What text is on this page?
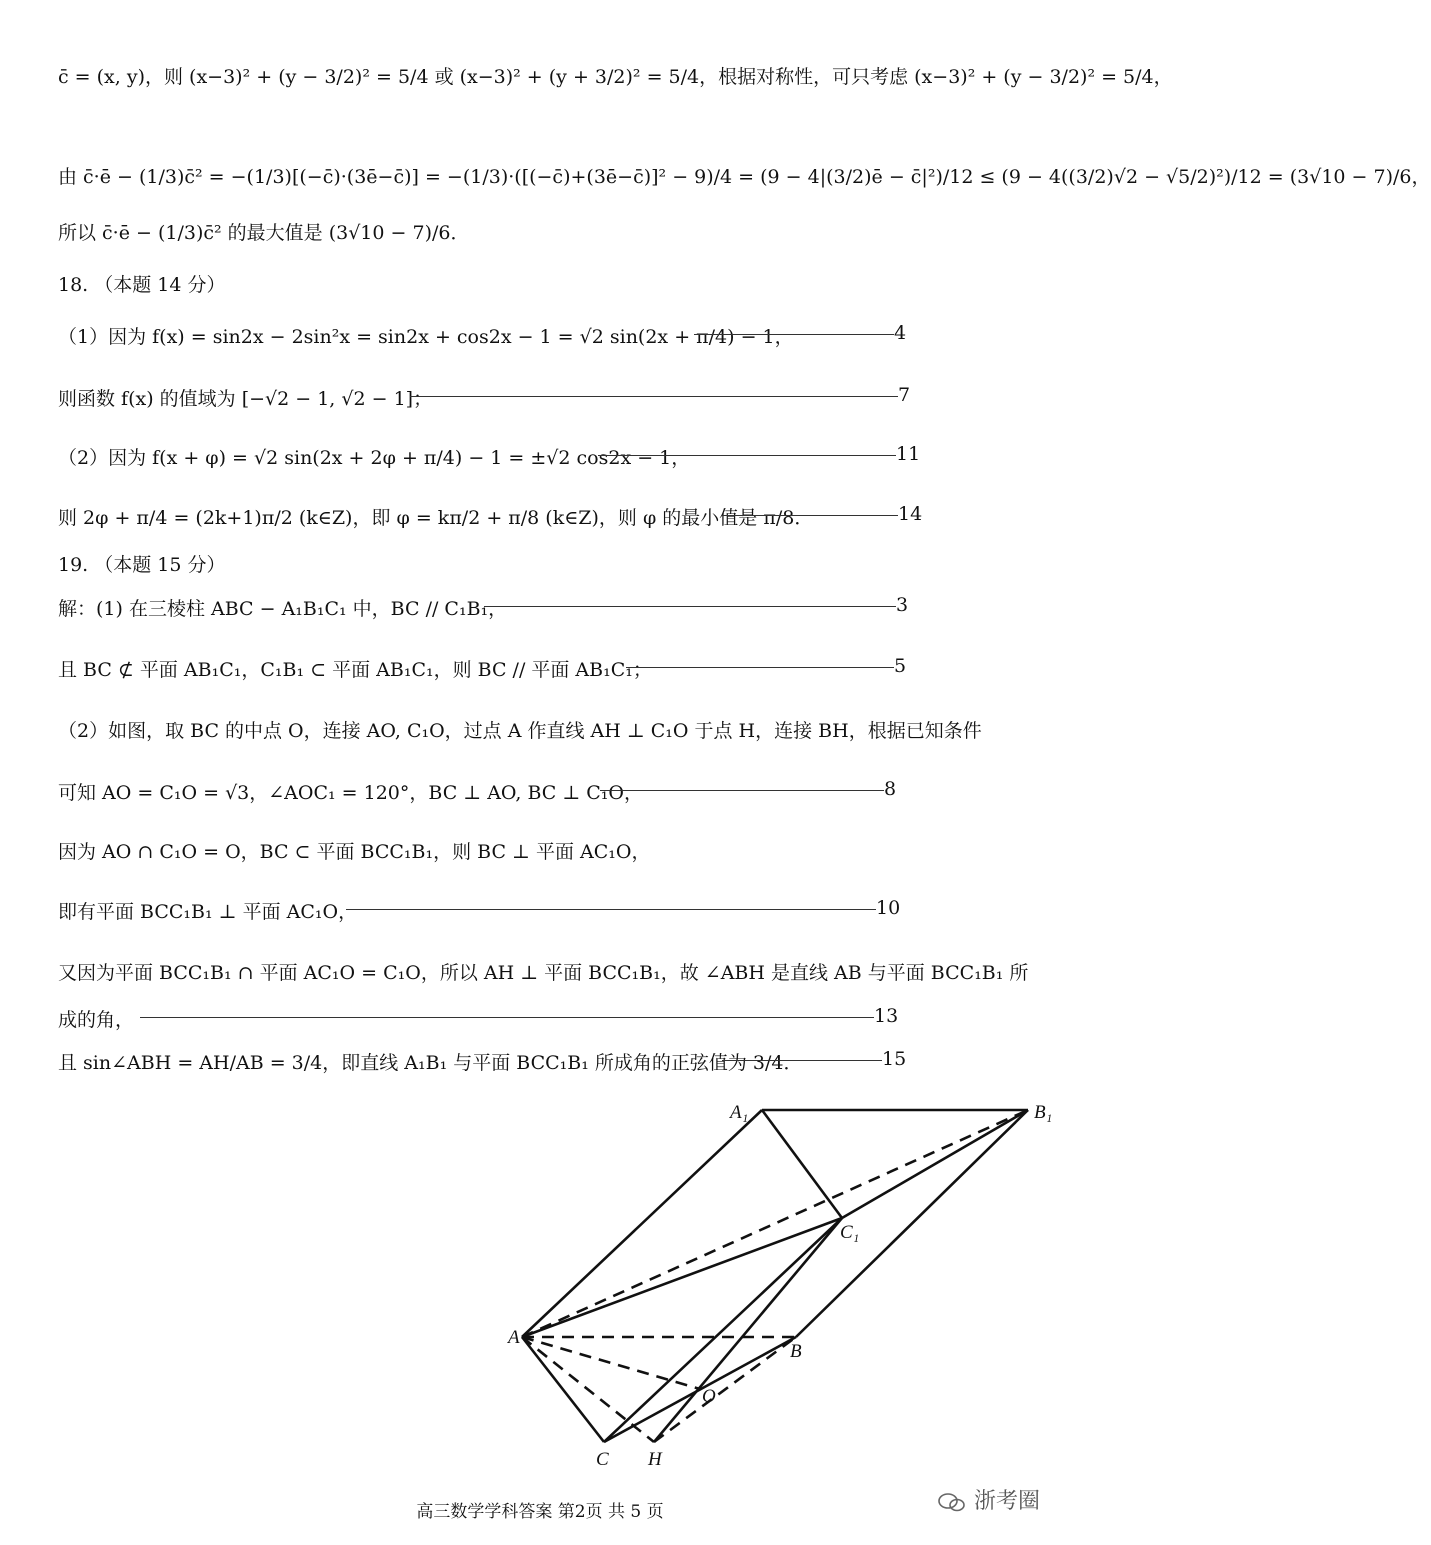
c̄ = (x, y)，则 (x−3)² + (y − 3/2)² = 5/4 或 (x−3)² + (y + 3/2)² = 5/4，根据对称性，可只考虑 (x−3)² + (y − 3/2)² = 5/4，
由 c̄·ē − (1/3)c̄² = −(1/3)[(−c̄)·(3ē−c̄)] = −(1/3)·([(−c̄)+(3ē−c̄)]² − 9)/4 = (9 − 4|(3/2)ē − c̄|²)/12 ≤ (9 − 4((3/2)√2 − √5/2)²)/12 = (3√10 − 7)/6，
所以 c̄·ē − (1/3)c̄² 的最大值是 (3√10 − 7)/6．
18. （本题 14 分）
（1）因为 f(x) = sin2x − 2sin²x = sin2x + cos2x − 1 = √2 sin(2x + π/4) − 1，	4
则函数 f(x) 的值域为 [−√2 − 1, √2 − 1]；	7
（2）因为 f(x + φ) = √2 sin(2x + 2φ + π/4) − 1 = ±√2 cos2x − 1，	11
则 2φ + π/4 = (2k+1)π/2 (k∈Z)，即 φ = kπ/2 + π/8 (k∈Z)，则 φ 的最小值是 π/8．	14
19. （本题 15 分）
解：(1) 在三棱柱 ABC − A₁B₁C₁ 中，BC // C₁B₁，	3
且 BC ⊄ 平面 AB₁C₁，C₁B₁ ⊂ 平面 AB₁C₁，则 BC // 平面 AB₁C₁；	5
（2）如图，取 BC 的中点 O，连接 AO, C₁O，过点 A 作直线 AH ⊥ C₁O 于点 H，连接 BH，根据已知条件
可知 AO = C₁O = √3，∠AOC₁ = 120°，BC ⊥ AO, BC ⊥ C₁O，	8
因为 AO ∩ C₁O = O，BC ⊂ 平面 BCC₁B₁，则 BC ⊥ 平面 AC₁O，
即有平面 BCC₁B₁ ⊥ 平面 AC₁O，	10
又因为平面 BCC₁B₁ ∩ 平面 AC₁O = C₁O，所以 AH ⊥ 平面 BCC₁B₁，故 ∠ABH 是直线 AB 与平面 BCC₁B₁ 所
成的角，	13
且 sin∠ABH = AH/AB = 3/4，即直线 A₁B₁ 与平面 BCC₁B₁ 所成角的正弦值为 3/4．	15
A₁	B₁
C₁
A
B
O
C H
高三数学学科答案 第2页 共 5 页	浙考圈
